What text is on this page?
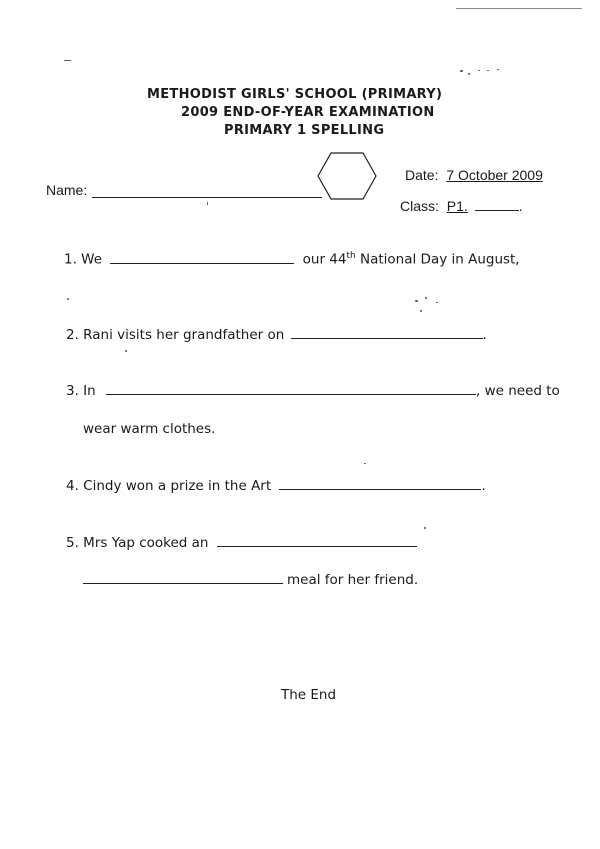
METHODIST GIRLS' SCHOOL (PRIMARY)
2009 END-OF-YEAR EXAMINATION
PRIMARY 1 SPELLING
Name:
Date: 7 October 2009
Class: P1.	.
1. We	our 44th National Day in August.
2. Rani visits her grandfather on	.
3. In	, we need to
wear warm clothes.
4. Cindy won a prize in the Art	.
5. Mrs Yap cooked an
meal for her friend.
The End
